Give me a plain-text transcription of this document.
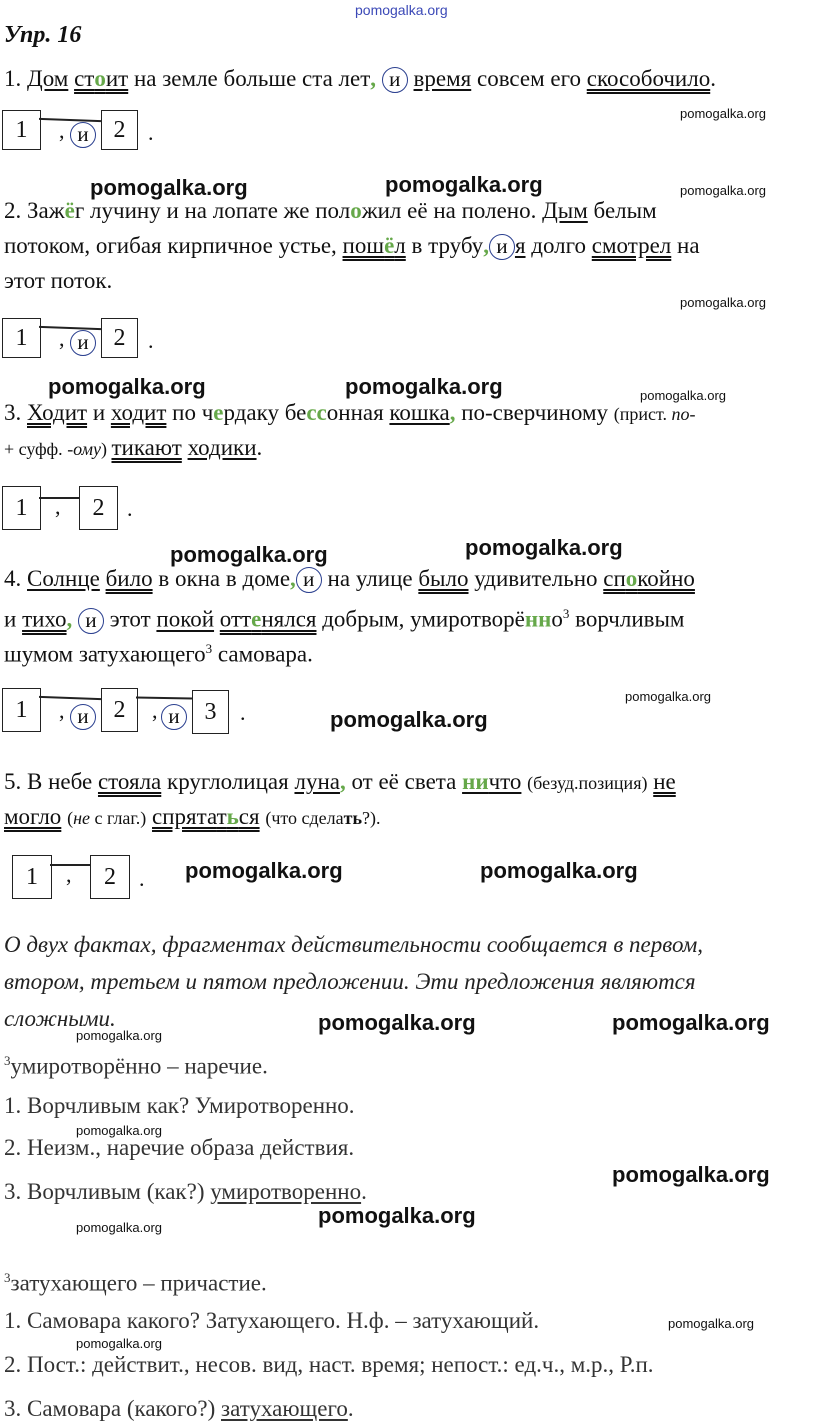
pomogalka.org
Упр. 16
1. Дом стоит на земле больше ста лет, и время совсем его скособочило.
pomogalka.org
1	, и	2	.
pomogalka.org	pomogalka.org	pomogalka.org
2. Зажёг лучину и на лопате же положил её на полено. Дым белым
потоком, огибая кирпичное устье, пошёл в трубу, и я долго смотрел на
этот поток.
pomogalka.org
1	, и	2	.
pomogalka.org	pomogalka.org	pomogalka.org
3. Ходит и ходит по чердаку бессонная кошка, по-сверчиному (прист. по-
+ суфф. -ому) тикают ходики.
1	,	2	.
pomogalka.org	pomogalka.org
4. Солнце било в окна в доме, и на улице было удивительно спокойно
и тихо, и этот покой оттенялся добрым, умиротворённо$^3$ ворчливым
шумом затухающего$^3$ самовара.
1	, и	2	, и	3	.
pomogalka.org
pomogalka.org
5. В небе стояла круглолицая луна, от её света ничто (безуд.позиция) не
могло (не с глаг.) спрятаться (что сделать?).
1	,	2	. pomogalka.org	pomogalka.org
О двух фактах, фрагментах действительности сообщается в первом,
втором, третьем и пятом предложении. Эти предложения являются
сложными.	pomogalka.org	pomogalka.org
pomogalka.org
$^3$умиротворённо – наречие.
1. Ворчливым как? Умиротворенно.
pomogalka.org
2. Неизм., наречие образа действия.
pomogalka.org
3. Ворчливым (как?) умиротворенно.
pomogalka.org
pomogalka.org
$^3$затухающего – причастие.
1. Самовара какого? Затухающего. Н.ф. – затухающий.	pomogalka.org
pomogalka.org
2. Пост.: действит., несов. вид, наст. время; непост.: ед.ч., м.р., Р.п.
3. Самовара (какого?) затухающего.
